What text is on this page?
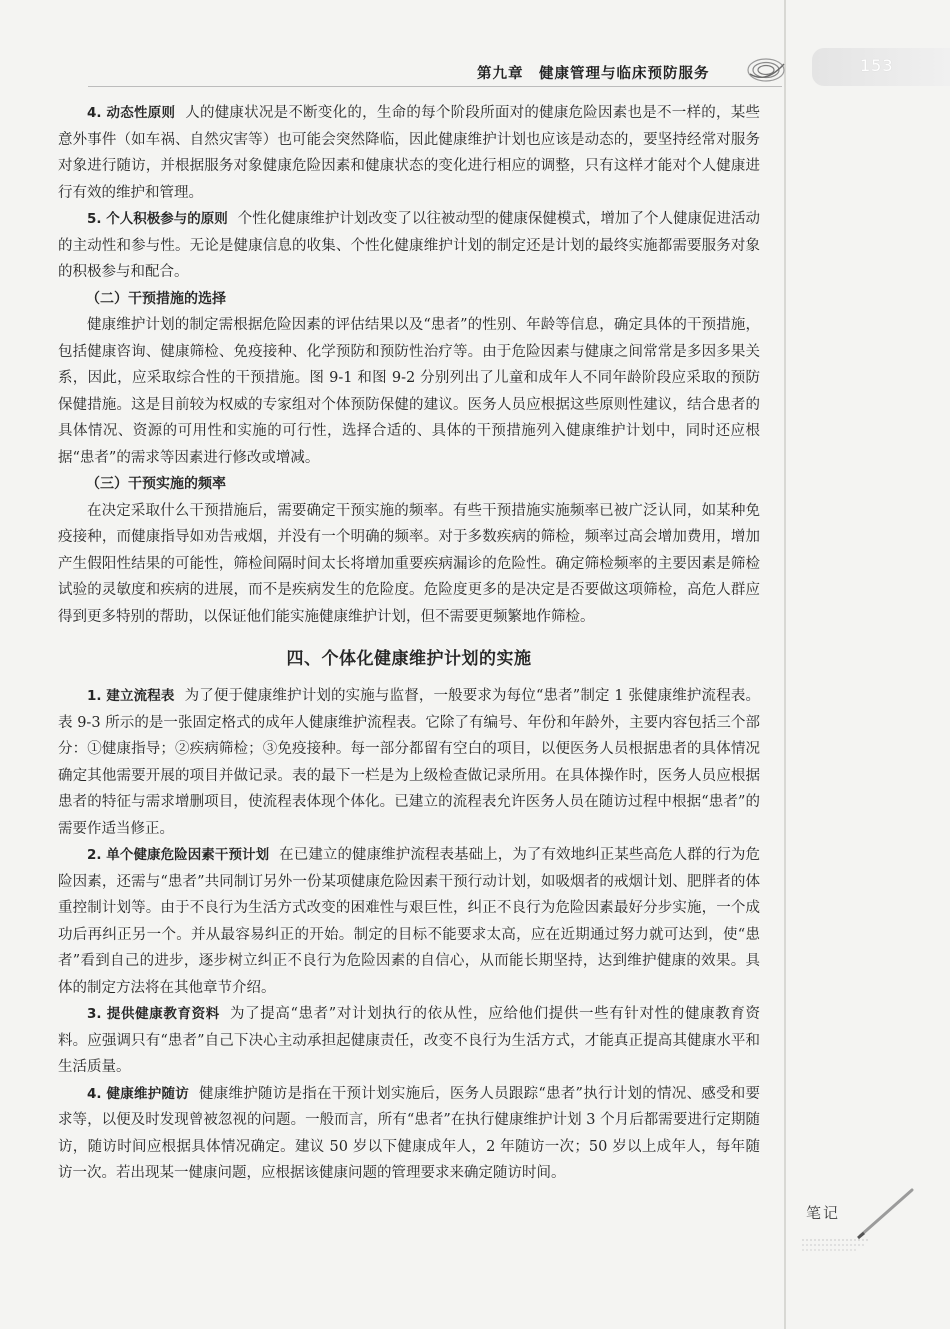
第九章　健康管理与临床预防服务	153

4. 动态性原则 人的健康状况是不断变化的，生命的每个阶段所面对的健康危险因素也是不一样的，某些意外事件（如车祸、自然灾害等）也可能会突然降临，因此健康维护计划也应该是动态的，要坚持经常对服务对象进行随访，并根据服务对象健康危险因素和健康状态的变化进行相应的调整，只有这样才能对个人健康进行有效的维护和管理。

5. 个人积极参与的原则 个性化健康维护计划改变了以往被动型的健康保健模式，增加了个人健康促进活动的主动性和参与性。无论是健康信息的收集、个性化健康维护计划的制定还是计划的最终实施都需要服务对象的积极参与和配合。

（二）干预措施的选择

健康维护计划的制定需根据危险因素的评估结果以及“患者”的性别、年龄等信息，确定具体的干预措施，包括健康咨询、健康筛检、免疫接种、化学预防和预防性治疗等。由于危险因素与健康之间常常是多因多果关系，因此，应采取综合性的干预措施。图 9-1 和图 9-2 分别列出了儿童和成年人不同年龄阶段应采取的预防保健措施。这是目前较为权威的专家组对个体预防保健的建议。医务人员应根据这些原则性建议，结合患者的具体情况、资源的可用性和实施的可行性，选择合适的、具体的干预措施列入健康维护计划中，同时还应根据“患者”的需求等因素进行修改或增减。

（三）干预实施的频率

在决定采取什么干预措施后，需要确定干预实施的频率。有些干预措施实施频率已被广泛认同，如某种免疫接种，而健康指导如劝告戒烟，并没有一个明确的频率。对于多数疾病的筛检，频率过高会增加费用，增加产生假阳性结果的可能性，筛检间隔时间太长将增加重要疾病漏诊的危险性。确定筛检频率的主要因素是筛检试验的灵敏度和疾病的进展，而不是疾病发生的危险度。危险度更多的是决定是否要做这项筛检，高危人群应得到更多特别的帮助，以保证他们能实施健康维护计划，但不需要更频繁地作筛检。

四、个体化健康维护计划的实施

1. 建立流程表 为了便于健康维护计划的实施与监督，一般要求为每位“患者”制定 1 张健康维护流程表。表 9-3 所示的是一张固定格式的成年人健康维护流程表。它除了有编号、年份和年龄外，主要内容包括三个部分：①健康指导；②疾病筛检；③免疫接种。每一部分都留有空白的项目，以便医务人员根据患者的具体情况确定其他需要开展的项目并做记录。表的最下一栏是为上级检查做记录所用。在具体操作时，医务人员应根据患者的特征与需求增删项目，使流程表体现个体化。已建立的流程表允许医务人员在随访过程中根据“患者”的需要作适当修正。

2. 单个健康危险因素干预计划 在已建立的健康维护流程表基础上，为了有效地纠正某些高危人群的行为危险因素，还需与“患者”共同制订另外一份某项健康危险因素干预行动计划，如吸烟者的戒烟计划、肥胖者的体重控制计划等。由于不良行为生活方式改变的困难性与艰巨性，纠正不良行为危险因素最好分步实施，一个成功后再纠正另一个。并从最容易纠正的开始。制定的目标不能要求太高，应在近期通过努力就可达到，使“患者”看到自己的进步，逐步树立纠正不良行为危险因素的自信心，从而能长期坚持，达到维护健康的效果。具体的制定方法将在其他章节介绍。

3. 提供健康教育资料 为了提高“患者”对计划执行的依从性，应给他们提供一些有针对性的健康教育资料。应强调只有“患者”自己下决心主动承担起健康责任，改变不良行为生活方式，才能真正提高其健康水平和生活质量。

4. 健康维护随访 健康维护随访是指在干预计划实施后，医务人员跟踪“患者”执行计划的情况、感受和要求等，以便及时发现曾被忽视的问题。一般而言，所有“患者”在执行健康维护计划 3 个月后都需要进行定期随访，随访时间应根据具体情况确定。建议 50 岁以下健康成年人，2 年随访一次；50 岁以上成年人，每年随访一次。若出现某一健康问题，应根据该健康问题的管理要求来确定随访时间。

笔记
